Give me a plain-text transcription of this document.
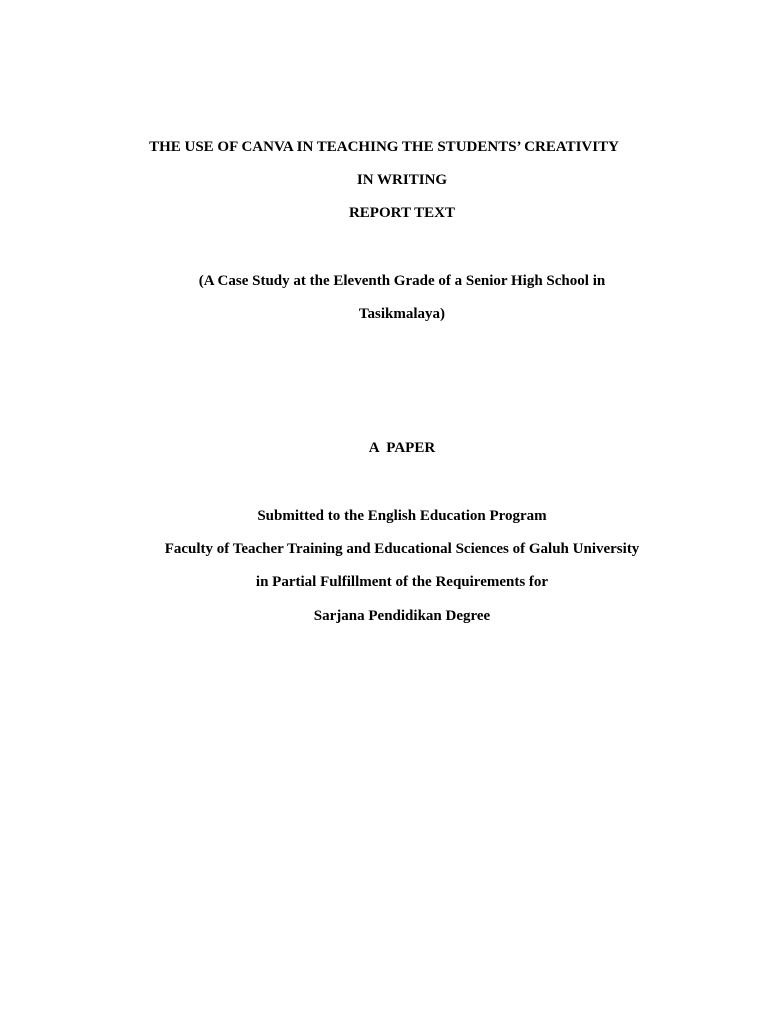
THE USE OF CANVA IN TEACHING THE STUDENTS’ CREATIVITY
IN WRITING
REPORT TEXT
(A Case Study at the Eleventh Grade of a Senior High School in
Tasikmalaya)
A  PAPER
Submitted to the English Education Program
Faculty of Teacher Training and Educational Sciences of Galuh University
in Partial Fulfillment of the Requirements for
Sarjana Pendidikan Degree
